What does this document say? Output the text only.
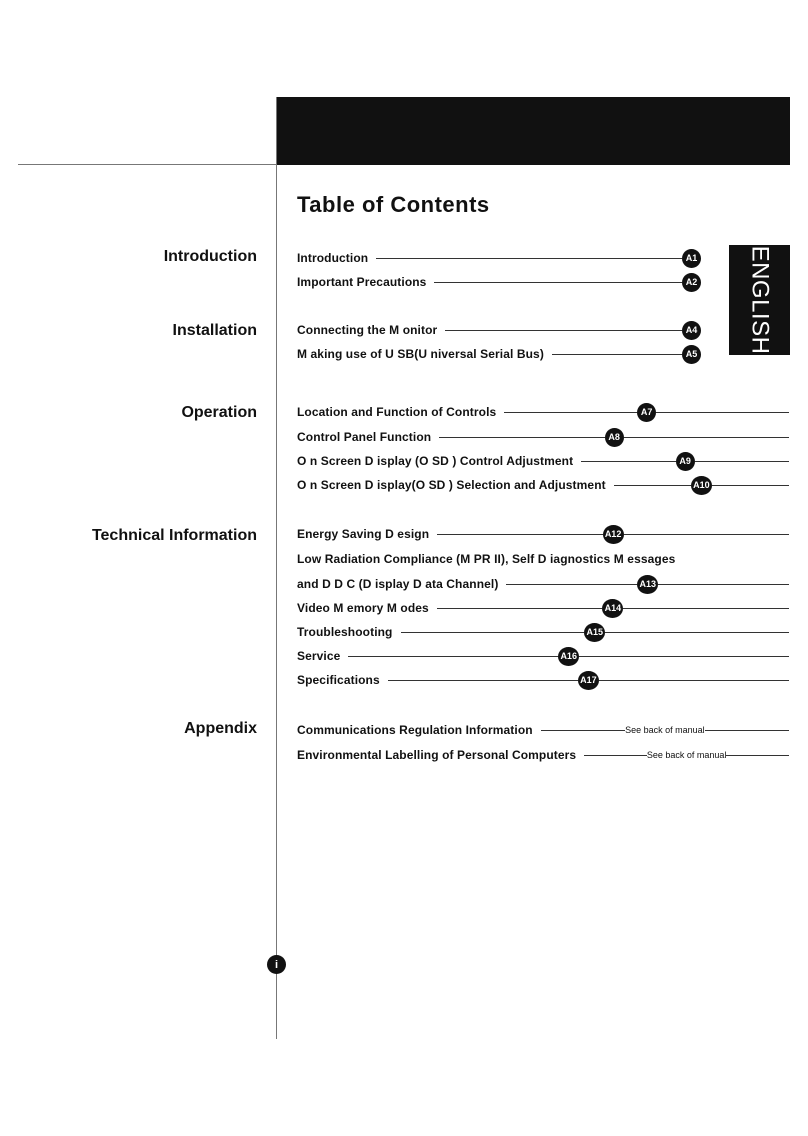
Table of Contents
ENGLISH
Introduction
Installation
Operation
Technical Information
Appendix
Introduction	A1
Important Precautions	A2
Connecting the M onitor	A4
M aking use of U SB(U niversal Serial Bus)	A5
Location and Function of Controls	A7
Control Panel Function	A8
O n Screen D isplay (O SD ) Control Adjustment	A9
O n Screen D isplay(O SD ) Selection and Adjustment	A10
Energy Saving D esign	A12
Low Radiation Compliance (M PR II), Self D iagnostics M essages
and D D C (D isplay D ata Channel)	A13
Video M emory M odes	A14
Troubleshooting	A15
Service	A16
Specifications	A17
Communications Regulation Information	See back of manual
Environmental Labelling of Personal Computers	See back of manual
i
